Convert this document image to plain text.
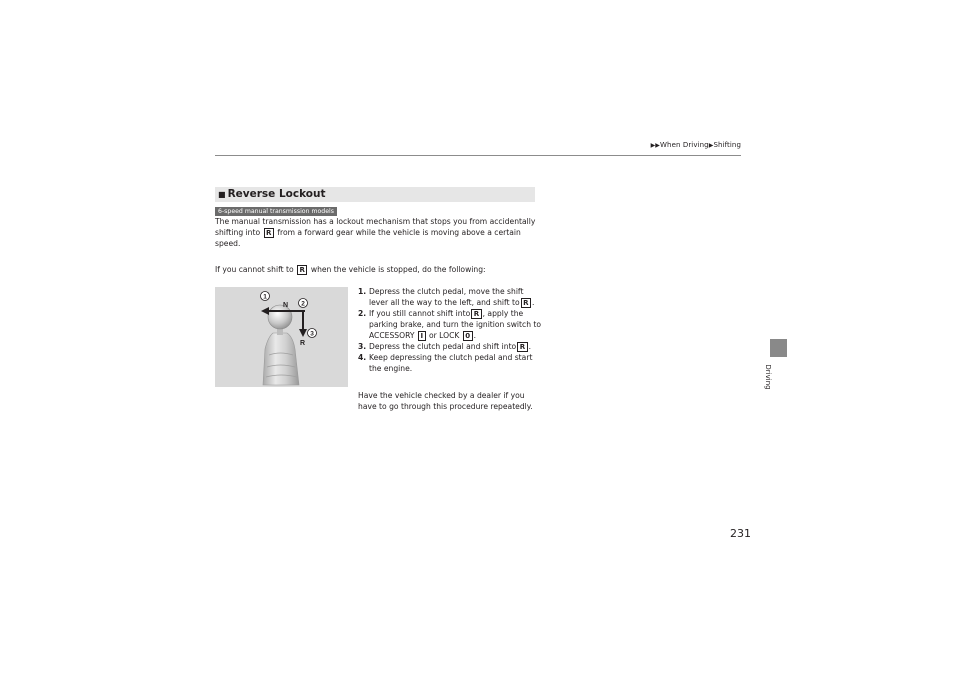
▶▶When Driving▶Shifting
Driving
■ Reverse Lockout
6-speed manual transmission models
The manual transmission has a lockout mechanism that stops you from accidentally shifting into R from a forward gear while the vehicle is moving above a certain speed.
If you cannot shift to R when the vehicle is stopped, do the following:
N
R
1
2
3
1. Depress the clutch pedal, move the shift lever all the way to the left, and shift to R .
2. If you still cannot shift into R , apply the parking brake, and turn the ignition switch to ACCESSORY I or LOCK 0 .
3. Depress the clutch pedal and shift into R .
4. Keep depressing the clutch pedal and start the engine.
Have the vehicle checked by a dealer if you have to go through this procedure repeatedly.
231
